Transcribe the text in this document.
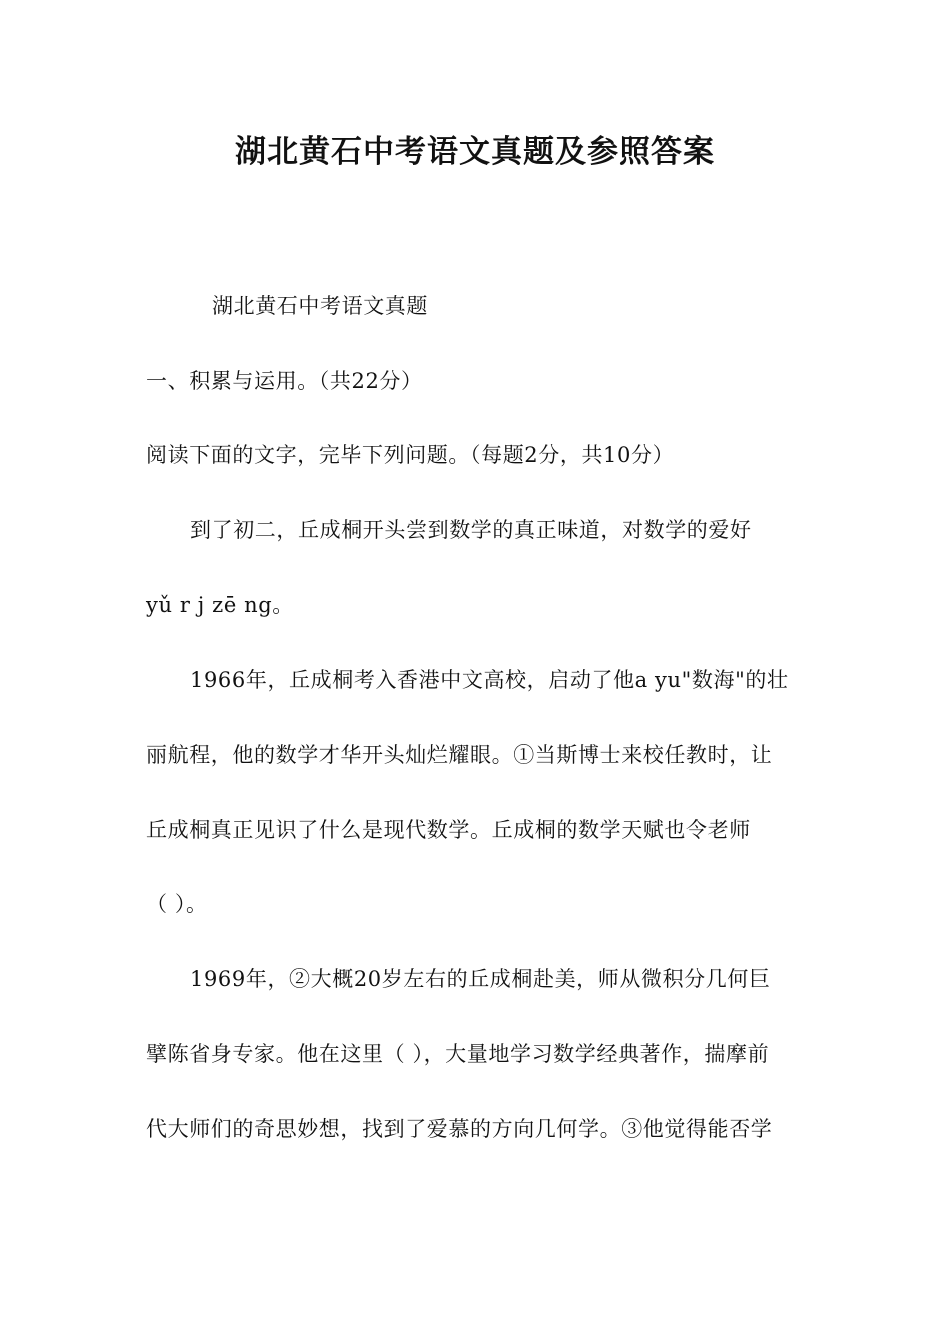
湖北黄石中考语文真题及参照答案
湖北黄石中考语文真题
一、积累与运用。（共22分）
阅读下面的文字，完毕下列问题。（每题2分，共10分）
到了初二，丘成桐开头尝到数学的真正味道，对数学的爱好
yǔ r j zē ng。
1966年，丘成桐考入香港中文高校，启动了他a yu"数海"的壮
丽航程，他的数学才华开头灿烂耀眼。①当斯博士来校任教时，让
丘成桐真正见识了什么是现代数学。丘成桐的数学天赋也令老师
（ ）。
1969年，②大概20岁左右的丘成桐赴美，师从微积分几何巨
擘陈省身专家。他在这里（ ），大量地学习数学经典著作，揣摩前
代大师们的奇思妙想，找到了爱慕的方向几何学。③他觉得能否学
